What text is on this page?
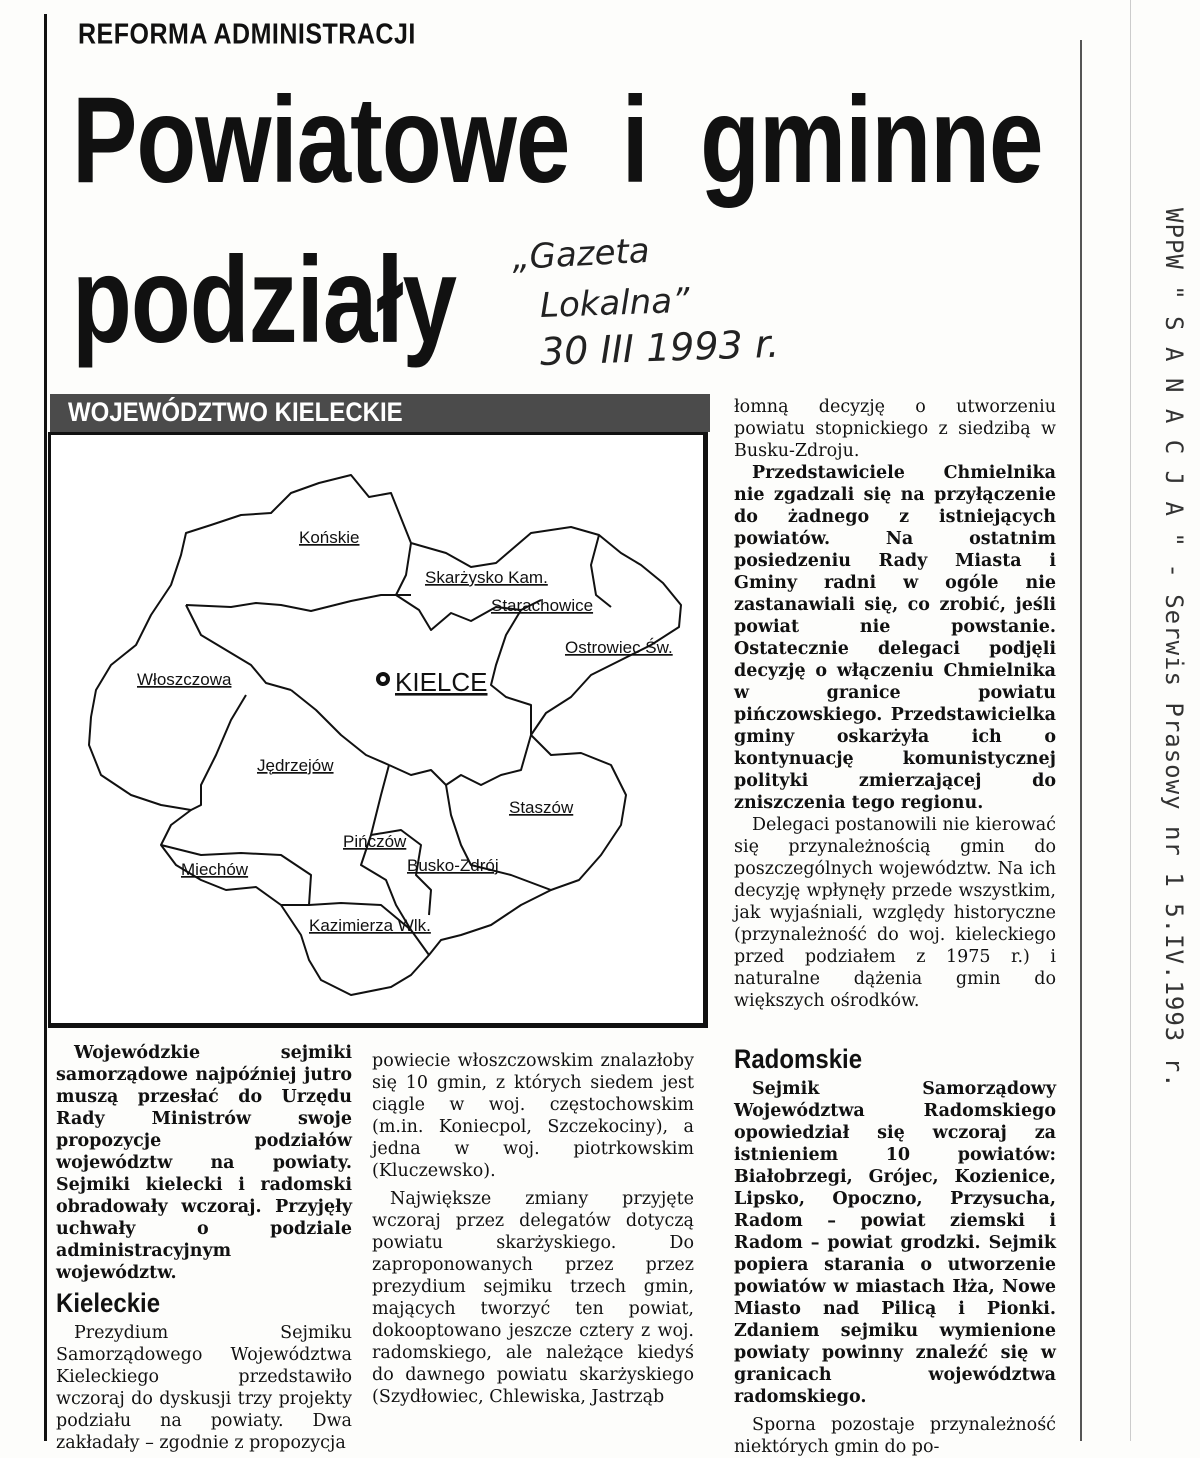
REFORMA ADMINISTRACJI
Powiatowe i gminne
podziały „Gazeta
Lokalna”
30 III 1993 r.	WPPW " S A N A C J A " - Serwis Prasowy nr 1 5.IV.1993 r.
WOJEWÓDZTWO KIELECKIE
Końskie
Skarżysko Kam.
Starachowice
Ostrowiec Św.
Włoszczowa	KIELCE
Jędrzejów
Staszów
Pińczów
Busko-Zdrój
Miechów
Kazimierza Wlk.

Wojewódzkie sejmiki samorządowe najpóźniej jutro muszą przesłać do Urzędu Rady Ministrów swoje propozycje podziałów województw na powiaty. Sejmiki kielecki i radomski obradowały wczoraj. Przyjęły uchwały o podziale administracyjnym województw.

Kieleckie

Prezydium Sejmiku Samorządowego Województwa Kieleckiego przedstawiło wczoraj do dyskusji trzy projekty podziału na powiaty. Dwa zakładały – zgodnie z propozycja

powiecie włoszczowskim znalazłoby się 10 gmin, z których siedem jest ciągle w woj. częstochowskim (m.in. Koniecpol, Szczekociny), a jedna w woj. piotrkowskim (Kluczewsko).

Największe zmiany przyjęte wczoraj przez delegatów dotyczą powiatu skarżyskiego. Do zaproponowanych przez przez prezydium sejmiku trzech gmin, mających tworzyć ten powiat, dokooptowano jeszcze cztery z woj. radomskiego, ale należące kiedyś do dawnego powiatu skarżyskiego (Szydłowiec, Chlewiska, Jastrząb

łomną decyzję o utworzeniu powiatu stopnickiego z siedzibą w Busku-Zdroju.

Przedstawiciele Chmielnika nie zgadzali się na przyłączenie do żadnego z istniejących powiatów. Na ostatnim posiedzeniu Rady Miasta i Gminy radni w ogóle nie zastanawiali się, co zrobić, jeśli powiat nie powstanie. Ostatecznie delegaci podjęli decyzję o włączeniu Chmielnika w granice powiatu pińczowskiego. Przedstawicielka gminy oskarżyła ich o kontynuację komunistycznej polityki zmierzającej do zniszczenia tego regionu.

Delegaci postanowili nie kierować się przynależnością gmin do poszczególnych województw. Na ich decyzję wpłynęły przede wszystkim, jak wyjaśniali, względy historyczne (przynależność do woj. kieleckiego przed podziałem z 1975 r.) i naturalne dążenia gmin do większych ośrodków.

Radomskie

Sejmik Samorządowy Województwa Radomskiego opowiedział się wczoraj za istnieniem 10 powiatów: Białobrzegi, Grójec, Kozienice, Lipsko, Opoczno, Przysucha, Radom – powiat ziemski i Radom – powiat grodzki. Sejmik popiera starania o utworzenie powiatów w miastach Iłża, Nowe Miasto nad Pilicą i Pionki. Zdaniem sejmiku wymienione powiaty powinny znaleźć się w granicach województwa radomskiego.

Sporna pozostaje przynależność niektórych gmin do po-
